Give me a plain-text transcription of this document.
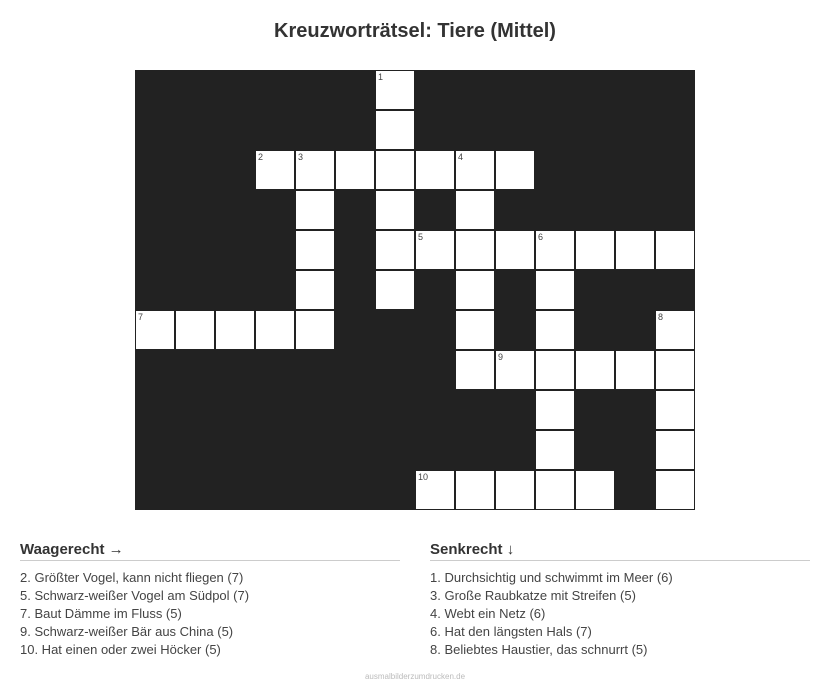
Kreuzworträtsel: Tiere (Mittel)
1
2	3	4
5	6
7	8
9
10
Waagerecht →
2. Größter Vogel, kann nicht fliegen (7)
5. Schwarz-weißer Vogel am Südpol (7)
7. Baut Dämme im Fluss (5)
9. Schwarz-weißer Bär aus China (5)
10. Hat einen oder zwei Höcker (5)
Senkrecht ↓
1. Durchsichtig und schwimmt im Meer (6)
3. Große Raubkatze mit Streifen (5)
4. Webt ein Netz (6)
6. Hat den längsten Hals (7)
8. Beliebtes Haustier, das schnurrt (5)
ausmalbilderzumdrucken.de
